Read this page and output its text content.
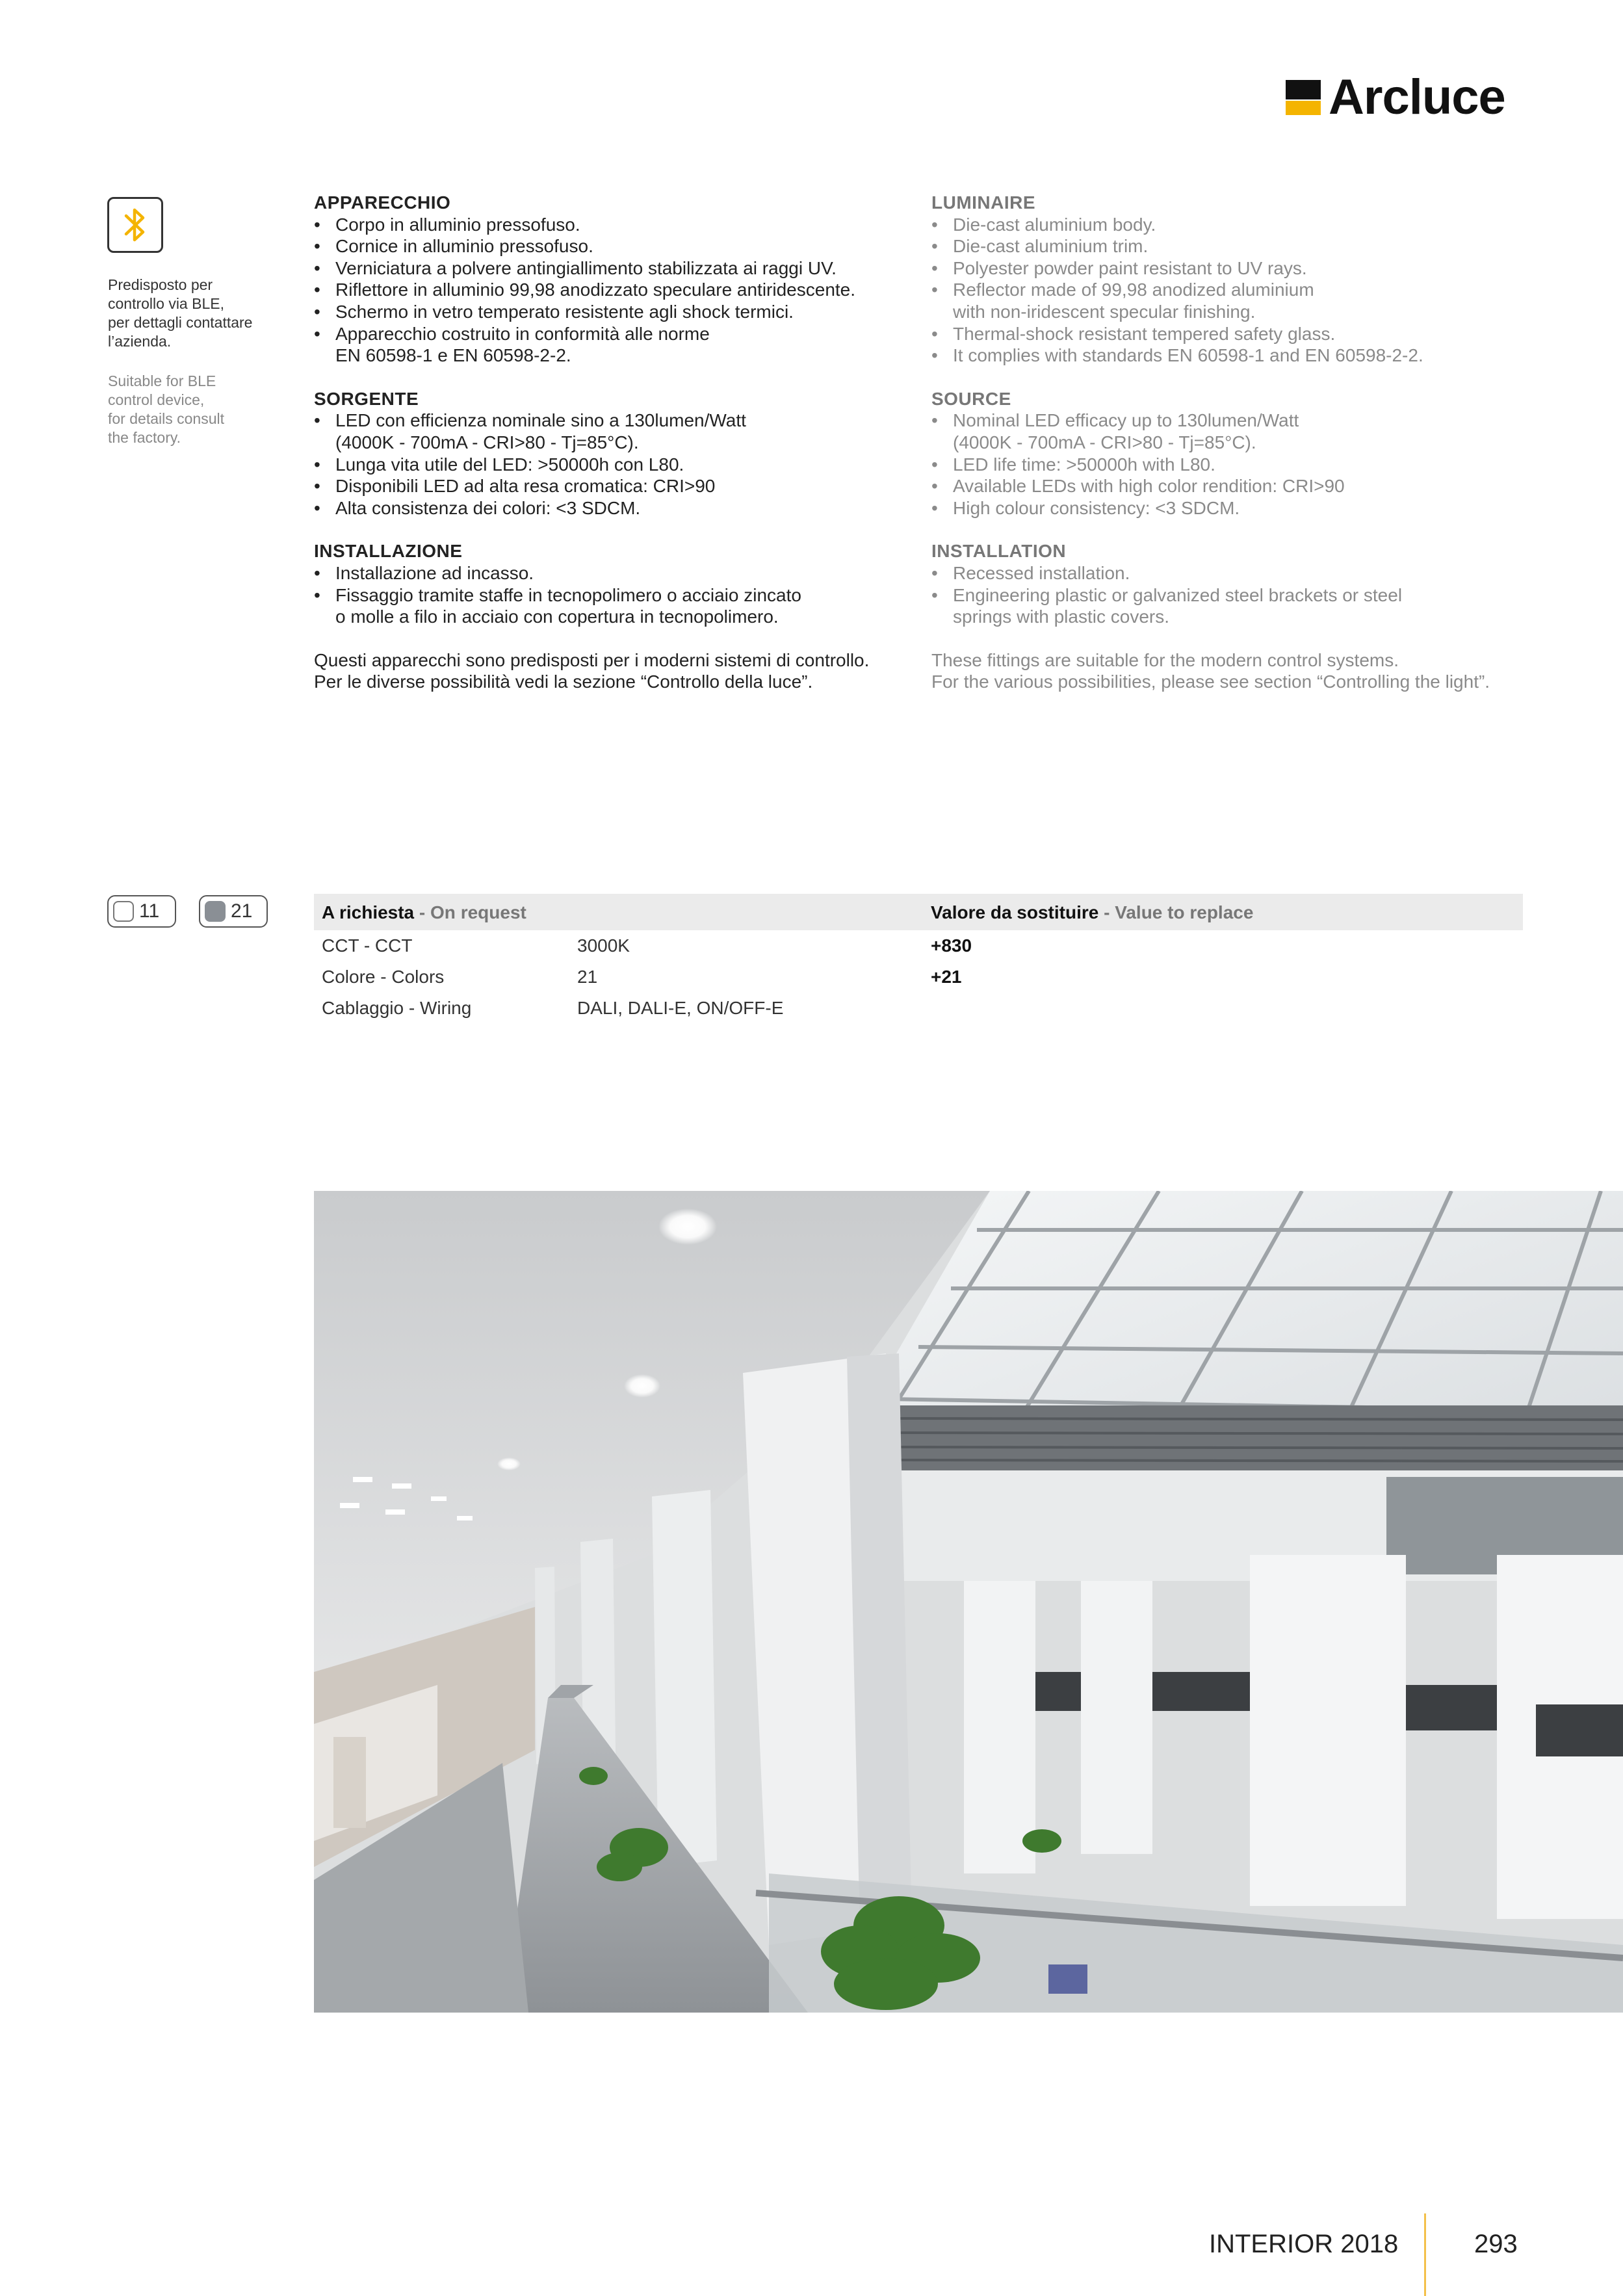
Arcluce
Predisposto per
controllo via BLE,
per dettagli contattare
l’azienda.
Suitable for BLE
control device,
for details consult
the factory.
APPARECCHIO
• Corpo in alluminio pressofuso.
• Cornice in alluminio pressofuso.
• Verniciatura a polvere antingiallimento stabilizzata ai raggi UV.
• Riflettore in alluminio 99,98 anodizzato speculare antiridescente.
• Schermo in vetro temperato resistente agli shock termici.
• Apparecchio costruito in conformità alle norme
EN 60598-1 e EN 60598-2-2.
SORGENTE
• LED con efficienza nominale sino a 130lumen/Watt
(4000K - 700mA - CRI>80 - Tj=85°C).
• Lunga vita utile del LED: >50000h con L80.
• Disponibili LED ad alta resa cromatica: CRI>90
• Alta consistenza dei colori: <3 SDCM.
INSTALLAZIONE
• Installazione ad incasso.
• Fissaggio tramite staffe in tecnopolimero o acciaio zincato
o molle a filo in acciaio con copertura in tecnopolimero.
Questi apparecchi sono predisposti per i moderni sistemi di controllo.
Per le diverse possibilità vedi la sezione “Controllo della luce”.
LUMINAIRE
• Die-cast aluminium body.
• Die-cast aluminium trim.
• Polyester powder paint resistant to UV rays.
• Reflector made of 99,98 anodized aluminium
with non-iridescent specular finishing.
• Thermal-shock resistant tempered safety glass.
• It complies with standards EN 60598-1 and EN 60598-2-2.
SOURCE
• Nominal LED efficacy up to 130lumen/Watt
(4000K - 700mA - CRI>80 - Tj=85°C).
• LED life time: >50000h with L80.
• Available LEDs with high color rendition: CRI>90
• High colour consistency: <3 SDCM.
INSTALLATION
• Recessed installation.
• Engineering plastic or galvanized steel brackets or steel
springs with plastic covers.
These fittings are suitable for the modern control systems.
For the various possibilities, please see section “Controlling the light”.
11	21	A richiesta - On request	Valore da sostituire - Value to replace
CCT - CCT	3000K	+830
Colore - Colors	21	+21
Cablaggio - Wiring	DALI, DALI-E, ON/OFF-E
INTERIOR 2018	293
